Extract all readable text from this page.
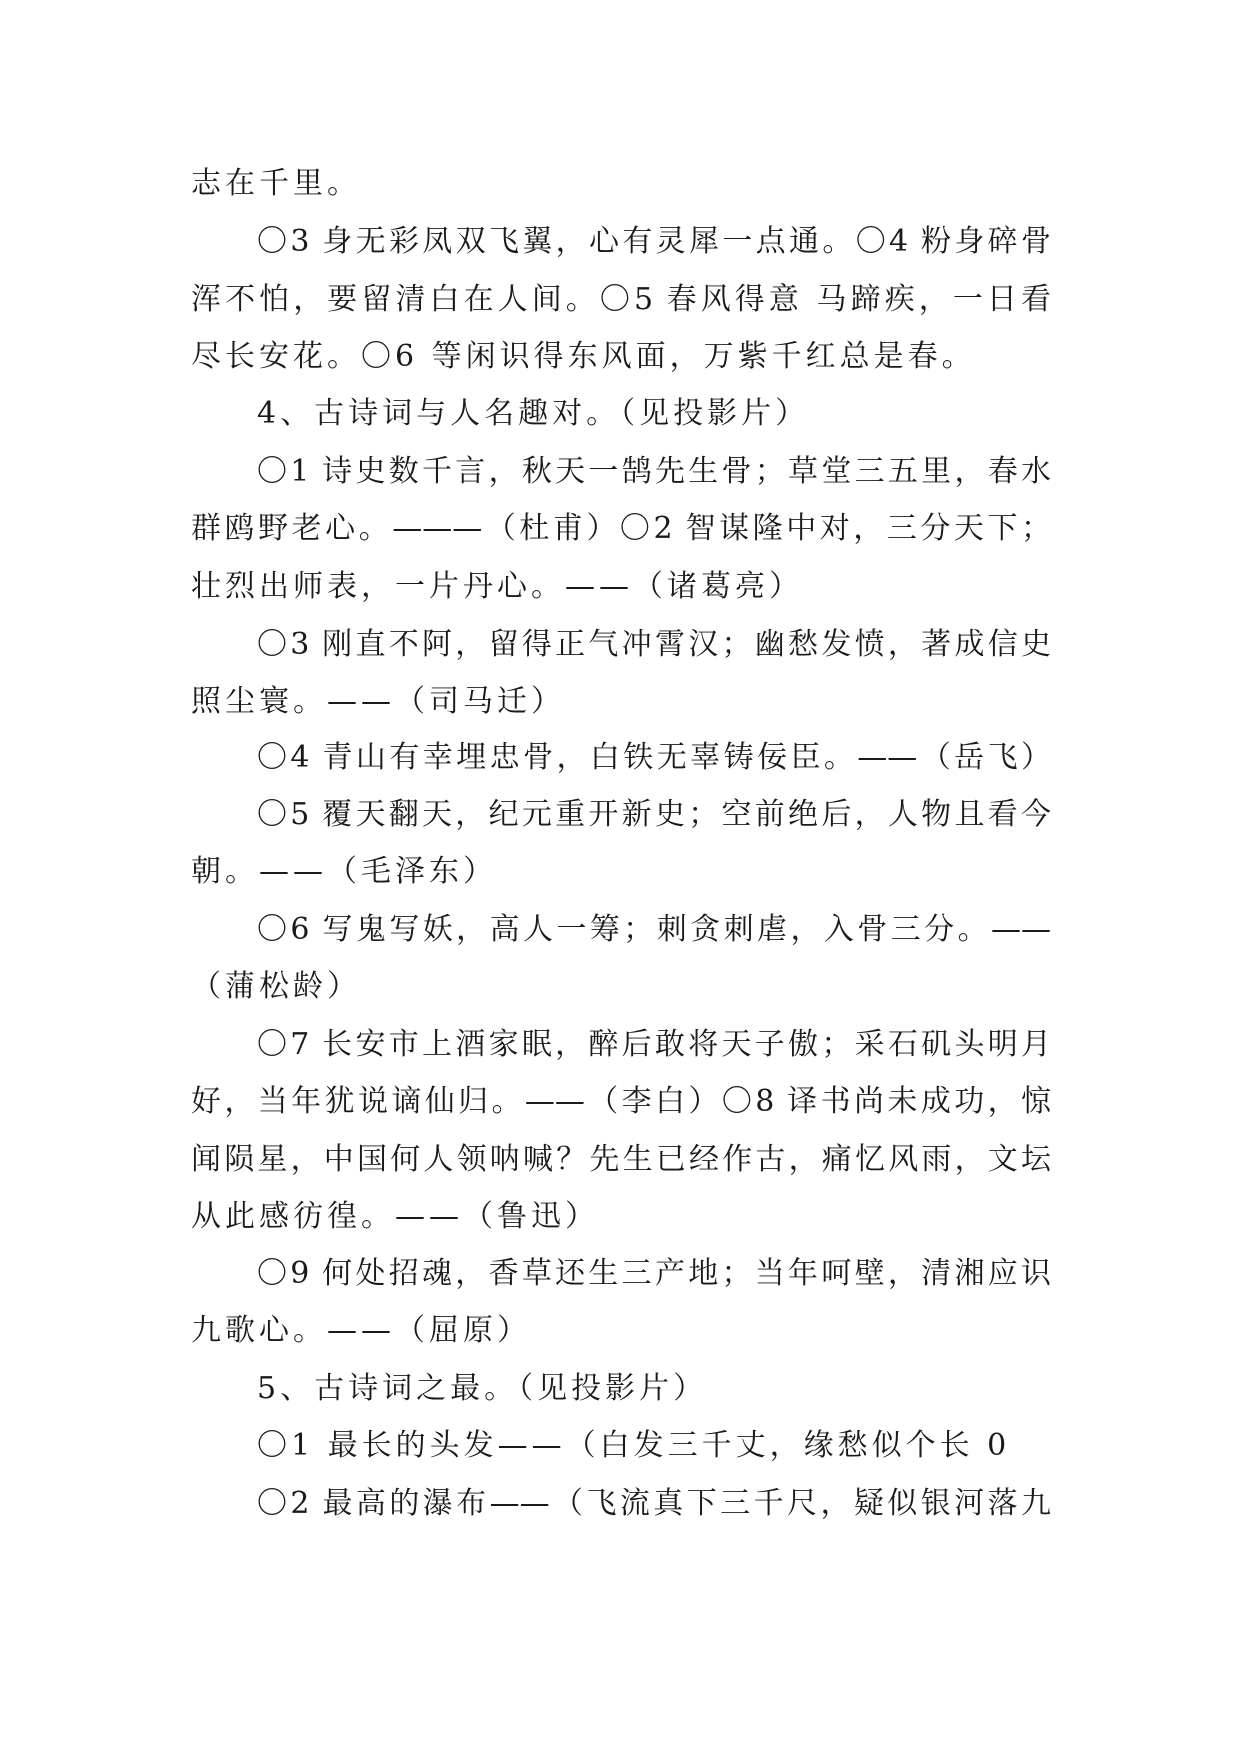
志在千里。
〇3 身无彩凤双飞翼，心有灵犀一点通。〇4 粉身碎骨
浑不怕，要留清白在人间。〇5 春风得意 马蹄疾，一日看
尽长安花。〇6 等闲识得东风面，万紫千红总是春。
4、古诗词与人名趣对。（见投影片）
〇1 诗史数千言，秋天一鹄先生骨；草堂三五里，春水
群鸥野老心。———（杜甫）〇2 智谋隆中对，三分天下；
壮烈出师表，一片丹心。——（诸葛亮）
〇3 刚直不阿，留得正气冲霄汉；幽愁发愤，著成信史
照尘寰。——（司马迁）
〇4 青山有幸埋忠骨，白铁无辜铸佞臣。——（岳飞）
〇5 覆天翻天，纪元重开新史；空前绝后，人物且看今
朝。——（毛泽东）
〇6 写鬼写妖，高人一筹；刺贪刺虐，入骨三分。——
（蒲松龄）
〇7 长安市上酒家眠，醉后敢将天子傲；采石矶头明月
好，当年犹说谪仙归。——（李白）〇8 译书尚未成功，惊
闻陨星，中国何人领呐喊？先生已经作古，痛忆风雨，文坛
从此感彷徨。——（鲁迅）
〇9 何处招魂，香草还生三产地；当年呵壁，清湘应识
九歌心。——（屈原）
5、古诗词之最。（见投影片）
〇1 最长的头发——（白发三千丈，缘愁似个长 0
〇2 最高的瀑布——（飞流真下三千尺，疑似银河落九
